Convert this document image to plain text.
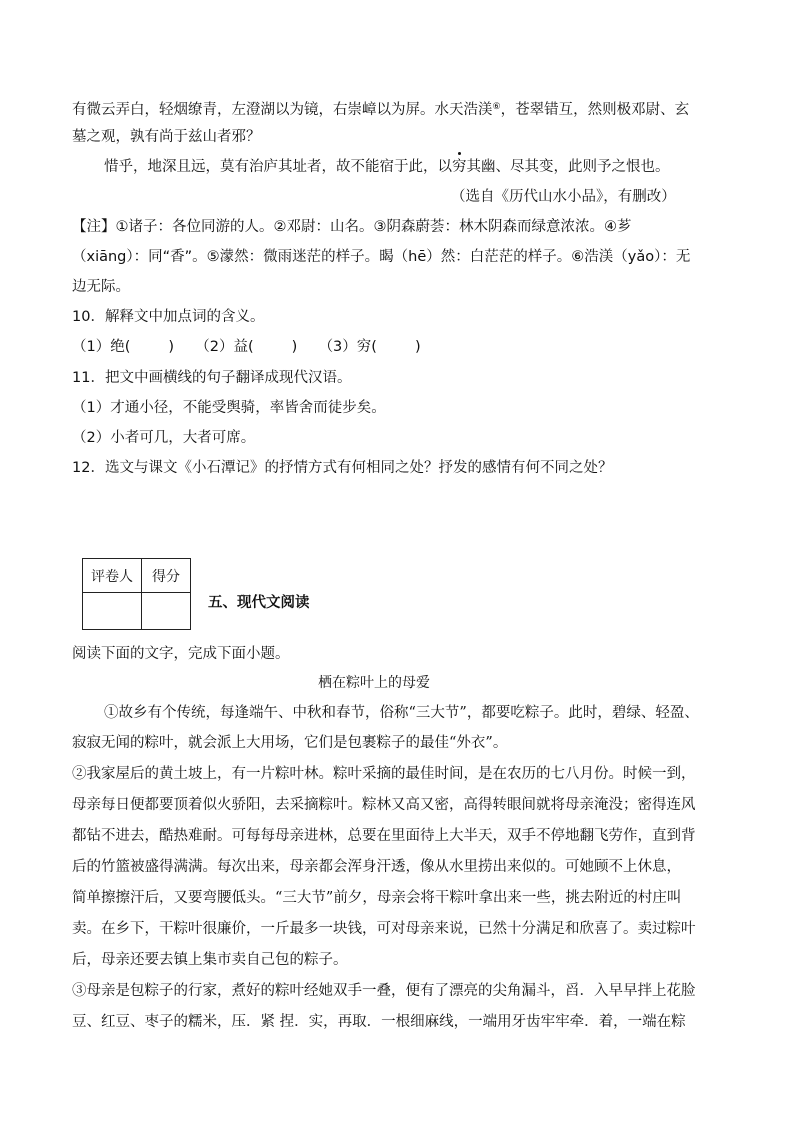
有微云弄白，轻烟缭青，左澄湖以为镜，右崇嶂以为屏。水天浩渼⑥，苍翠错互，然则极邓尉、玄
墓之观，孰有尚于兹山者邪？
惜乎，地深且远，莫有治庐其址者，故不能宿于此，以穷其幽、尽其变，此则予之恨也。
（选自《历代山水小品》，有删改）
【注】①诸子：各位同游的人。②邓尉：山名。③阴森蔚荟：林木阴森而绿意浓浓。④芗
（xiāng）：同“香”。⑤濛然：微雨迷茫的样子。暍（hē）然：白茫茫的样子。⑥浩渼（yǎo）：无
边无际。
10．解释文中加点词的含义。
（1）绝(	) （2）益(	) （3）穷(	)
11．把文中画横线的句子翻译成现代汉语。
（1）才通小径，不能受舆骑，率皆舍而徒步矣。
（2）小者可几，大者可席。
12．选文与课文《小石潭记》的抒情方式有何相同之处？抒发的感情有何不同之处？
评卷人	得分

五、现代文阅读
阅读下面的文字，完成下面小题。
栖在粽叶上的母爱
①故乡有个传统，每逢端午、中秋和春节，俗称“三大节”，都要吃粽子。此时，碧绿、轻盈、
寂寂无闻的粽叶，就会派上大用场，它们是包裹粽子的最佳“外衣”。
②我家屋后的黄土坡上，有一片粽叶林。粽叶采摘的最佳时间，是在农历的七八月份。时候一到，
母亲每日便都要顶着似火骄阳，去采摘粽叶。粽林又高又密，高得转眼间就将母亲淹没；密得连风
都钻不进去，酷热难耐。可每每母亲进林，总要在里面待上大半天，双手不停地翻飞劳作，直到背
后的竹篮被盛得满满。每次出来，母亲都会浑身汗透，像从水里捞出来似的。可她顾不上休息，
简单擦擦汗后，又要弯腰低头。“三大节”前夕，母亲会将干粽叶拿出来一些，挑去附近的村庄叫
卖。在乡下，干粽叶很廉价，一斤最多一块钱，可对母亲来说，已然十分满足和欣喜了。卖过粽叶
后，母亲还要去镇上集市卖自己包的粽子。
③母亲是包粽子的行家，煮好的粽叶经她双手一叠，便有了漂亮的尖角漏斗，舀．入早早拌上花脸
豆、红豆、枣子的糯米，压．紧 捏．实，再取．一根细麻线，一端用牙齿牢牢牵．着，一端在粽
